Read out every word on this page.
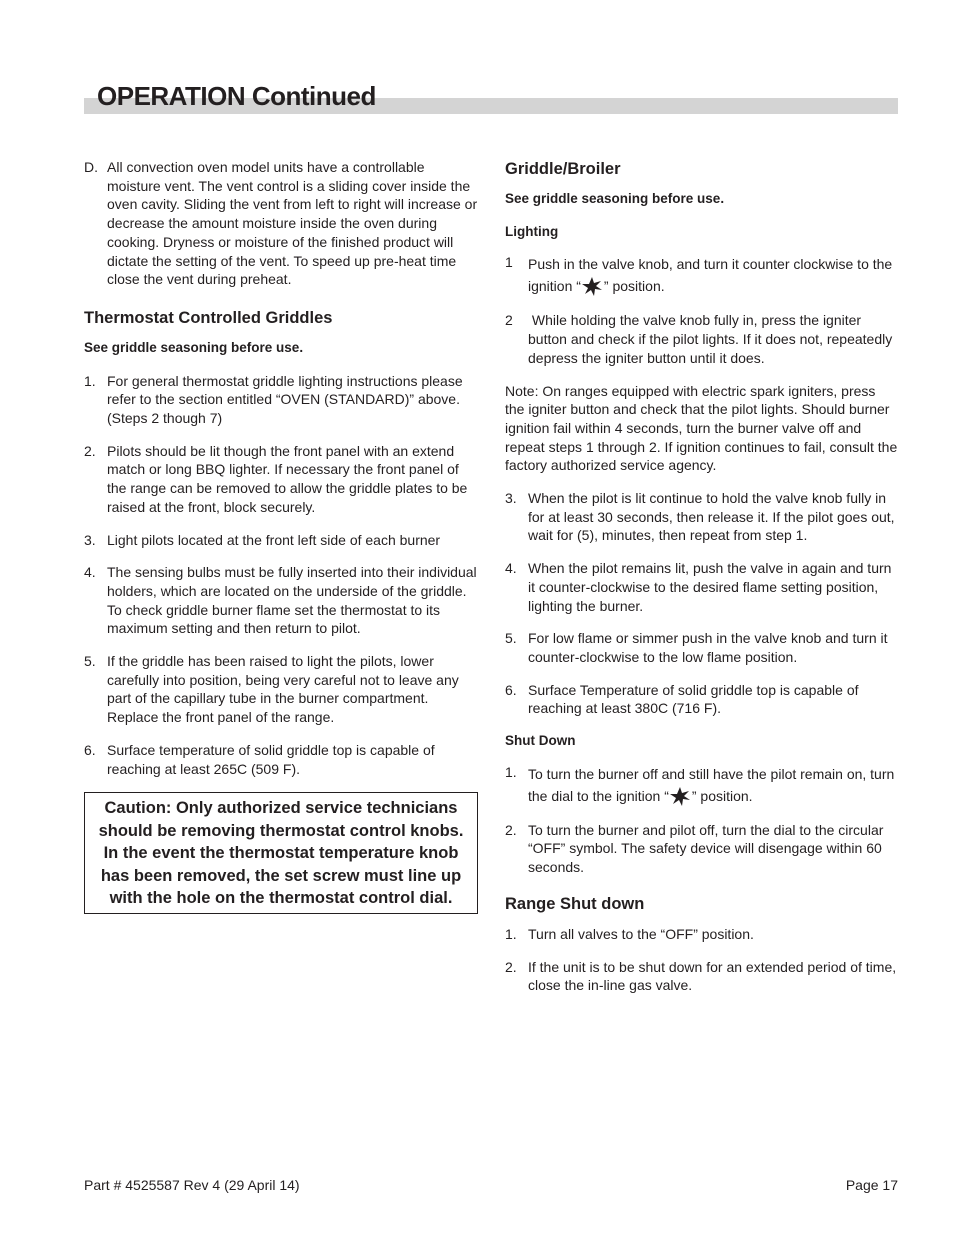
OPERATION Continued
D. All convection oven model units have a controllable moisture vent. The vent control is a sliding cover inside the oven cavity. Sliding the vent from left to right will increase or decrease the amount moisture inside the oven during cooking. Dryness or moisture of the finished product will dictate the setting of the vent. To speed up pre-heat time close the vent during preheat.

Thermostat Controlled Griddles

See griddle seasoning before use.

1. For general thermostat griddle lighting instructions please refer to the section entitled “OVEN (STANDARD)” above. (Steps 2 though 7)

2. Pilots should be lit though the front panel with an extend match or long BBQ lighter. If necessary the front panel of the range can be removed to allow the griddle plates to be raised at the front, block securely.

3. Light pilots located at the front left side of each burner

4. The sensing bulbs must be fully inserted into their individual holders, which are located on the underside of the griddle. To check griddle burner flame set the thermostat to its maximum setting and then return to pilot.

5. If the griddle has been raised to light the pilots, lower carefully into position, being very careful not to leave any part of the capillary tube in the burner compartment. Replace the front panel of the range.

6. Surface temperature of solid griddle top is capable of reaching at least 265C (509 F).

Caution: Only authorized service technicians should be removing thermostat control knobs. In the event the thermostat temperature knob has been removed, the set screw must line up with the hole on the thermostat control dial.
Griddle/Broiler

See griddle seasoning before use.

Lighting

1 Push in the valve knob, and turn it counter clockwise to the ignition “ ” position.

2 While holding the valve knob fully in, press the igniter button and check if the pilot lights. If it does not, repeatedly depress the igniter button until it does.

Note: On ranges equipped with electric spark igniters, press the igniter button and check that the pilot lights. Should burner ignition fail within 4 seconds, turn the burner valve off and repeat steps 1 through 2. If ignition continues to fail, consult the factory authorized service agency.

3. When the pilot is lit continue to hold the valve knob fully in for at least 30 seconds, then release it. If the pilot goes out, wait for (5), minutes, then repeat from step 1.

4. When the pilot remains lit, push the valve in again and turn it counter-clockwise to the desired flame setting position, lighting the burner.

5. For low flame or simmer push in the valve knob and turn it counter-clockwise to the low flame position.

6. Surface Temperature of solid griddle top is capable of reaching at least 380C (716 F).

Shut Down

1. To turn the burner off and still have the pilot remain on, turn the dial to the ignition “ ” position.

2. To turn the burner and pilot off, turn the dial to the circular “OFF” symbol. The safety device will disengage within 60 seconds.

Range Shut down
1. Turn all valves to the “OFF” position.

2. If the unit is to be shut down for an extended period of time, close the in-line gas valve.

Part # 4525587 Rev 4 (29 April 14)	Page 17
